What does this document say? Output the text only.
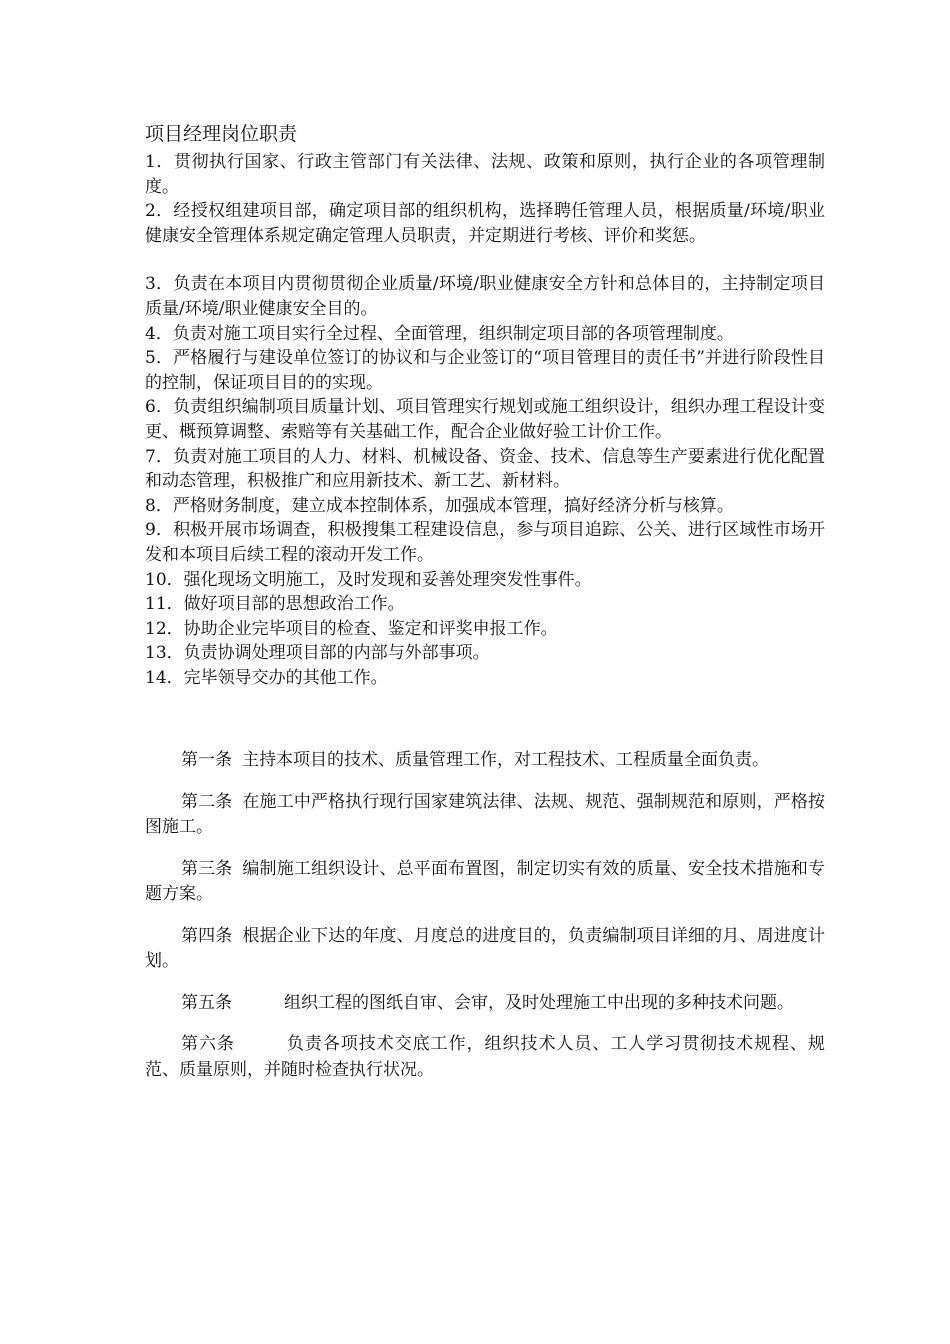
项目经理岗位职责
1．贯彻执行国家、行政主管部门有关法律、法规、政策和原则，执行企业的各项管理制度。
2．经授权组建项目部，确定项目部的组织机构，选择聘任管理人员，根据质量/环境/职业健康安全管理体系规定确定管理人员职责，并定期进行考核、评价和奖惩。
3．负责在本项目内贯彻贯彻企业质量/环境/职业健康安全方针和总体目的，主持制定项目质量/环境/职业健康安全目的。
4．负责对施工项目实行全过程、全面管理，组织制定项目部的各项管理制度。
5．严格履行与建设单位签订的协议和与企业签订的“项目管理目的责任书”并进行阶段性目的控制，保证项目目的的实现。
6．负责组织编制项目质量计划、项目管理实行规划或施工组织设计，组织办理工程设计变更、概预算调整、索赔等有关基础工作，配合企业做好验工计价工作。
7．负责对施工项目的人力、材料、机械设备、资金、技术、信息等生产要素进行优化配置和动态管理，积极推广和应用新技术、新工艺、新材料。
8．严格财务制度，建立成本控制体系，加强成本管理，搞好经济分析与核算。
9．积极开展市场调查，积极搜集工程建设信息，参与项目追踪、公关、进行区域性市场开发和本项目后续工程的滚动开发工作。
10．强化现场文明施工，及时发现和妥善处理突发性事件。
11．做好项目部的思想政治工作。
12．协助企业完毕项目的检查、鉴定和评奖申报工作。
13．负责协调处理项目部的内部与外部事项。
14．完毕领导交办的其他工作。

第一条 主持本项目的技术、质量管理工作，对工程技术、工程质量全面负责。

第二条 在施工中严格执行现行国家建筑法律、法规、规范、强制规范和原则，严格按图施工。

第三条 编制施工组织设计、总平面布置图，制定切实有效的质量、安全技术措施和专题方案。

第四条 根据企业下达的年度、月度总的进度目的，负责编制项目详细的月、周进度计划。

第五条	组织工程的图纸自审、会审，及时处理施工中出现的多种技术问题。

第六条	负责各项技术交底工作，组织技术人员、工人学习贯彻技术规程、规范、质量原则，并随时检查执行状况。
